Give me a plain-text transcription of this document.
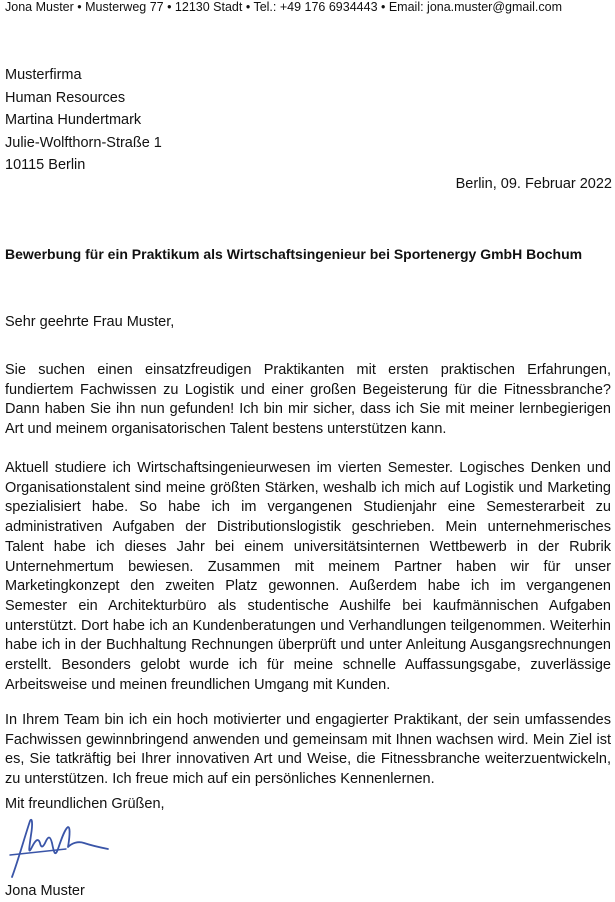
Jona Muster • Musterweg 77 • 12130 Stadt • Tel.: +49 176 6934443 • Email: jona.muster@gmail.com
Musterfirma
Human Resources
Martina Hundertmark
Julie-Wolfthorn-Straße 1
10115 Berlin
Berlin, 09. Februar 2022
Bewerbung für ein Praktikum als Wirtschaftsingenieur bei Sportenergy GmbH Bochum
Sehr geehrte Frau Muster,

Sie suchen einen einsatzfreudigen Praktikanten mit ersten praktischen Erfahrungen, fundiertem Fachwissen zu Logistik und einer großen Begeisterung für die Fitnessbranche? Dann haben Sie ihn nun gefunden! Ich bin mir sicher, dass ich Sie mit meiner lernbegierigen Art und meinem organisatorischen Talent bestens unterstützen kann.

Aktuell studiere ich Wirtschaftsingenieurwesen im vierten Semester. Logisches Denken und Organisationstalent sind meine größten Stärken, weshalb ich mich auf Logistik und Marketing spezialisiert habe. So habe ich im vergangenen Studienjahr eine Semesterarbeit zu administrativen Aufgaben der Distributionslogistik geschrieben. Mein unternehmerisches Talent habe ich dieses Jahr bei einem universitätsinternen Wettbewerb in der Rubrik Unternehmertum bewiesen. Zusammen mit meinem Partner haben wir für unser Marketingkonzept den zweiten Platz gewonnen. Außerdem habe ich im vergangenen Semester ein Architekturbüro als studentische Aushilfe bei kaufmännischen Aufgaben unterstützt. Dort habe ich an Kundenberatungen und Verhandlungen teilgenommen. Weiterhin habe ich in der Buchhaltung Rechnungen überprüft und unter Anleitung Ausgangsrechnungen erstellt. Besonders gelobt wurde ich für meine schnelle Auffassungsgabe, zuverlässige Arbeitsweise und meinen freundlichen Umgang mit Kunden.

In Ihrem Team bin ich ein hoch motivierter und engagierter Praktikant, der sein umfassendes Fachwissen gewinnbringend anwenden und gemeinsam mit Ihnen wachsen wird. Mein Ziel ist es, Sie tatkräftig bei Ihrer innovativen Art und Weise, die Fitnessbranche weiterzuentwickeln, zu unterstützen. Ich freue mich auf ein persönliches Kennenlernen.

Mit freundlichen Grüßen,
Jona Muster
